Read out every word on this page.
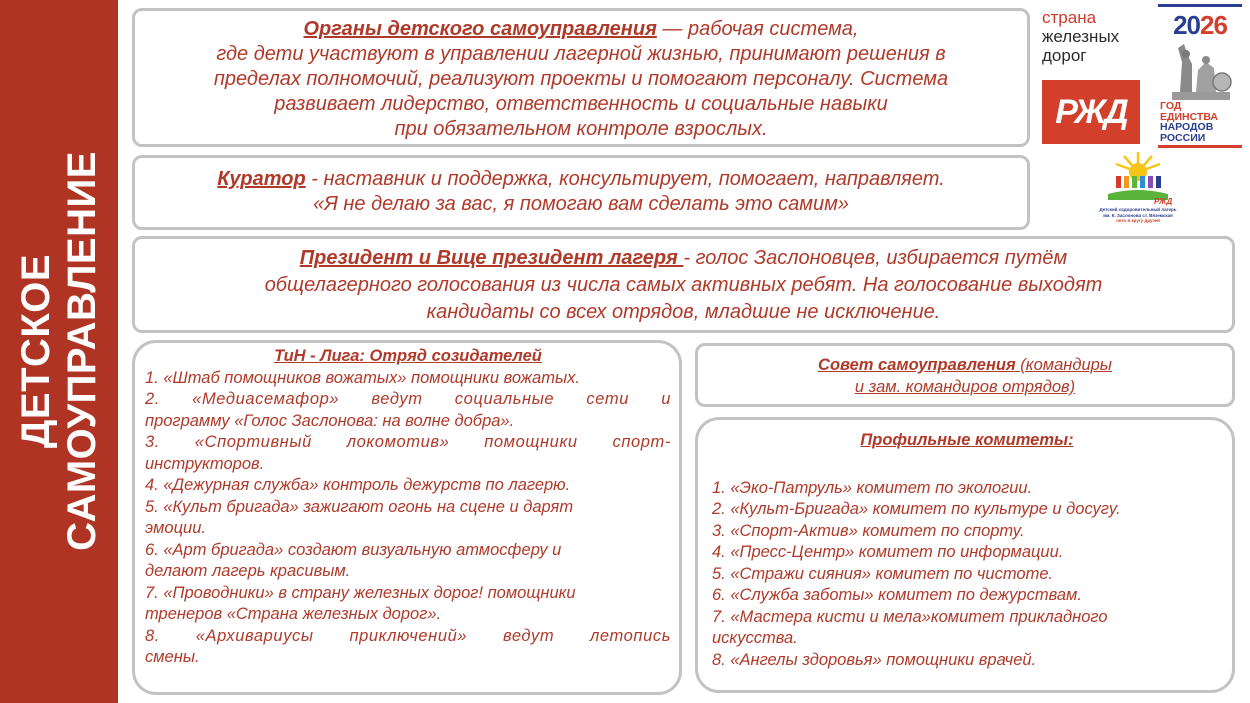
ДЕТСКОЕ САМОУПРАВЛЕНИЕ
Органы детского самоуправления — рабочая система,
где дети участвуют в управлении лагерной жизнью, принимают решения в
пределах полномочий, реализуют проекты и помогают персоналу. Система
развивает лидерство, ответственность и социальные навыки
при обязательном контроле взрослых.
Куратор - наставник и поддержка, консультирует, помогает, направляет.
«Я не делаю за вас, я помогаю вам сделать это самим»
Президент и Вице президент лагеря - голос Заслоновцев, избирается путём
общелагерного голосования из числа самых активных ребят. На голосование выходят
кандидаты со всех отрядов, младшие не исключение.
ТиН - Лига: Отряд созидателей
1. «Штаб помощников вожатых» помощники вожатых.
2. «Медиасемафор» ведут социальные сети и
программу «Голос Заслонова: на волне добра».
3. «Спортивный локомотив» помощники спорт-
инструкторов.
4. «Дежурная служба» контроль дежурств по лагерю.
5. «Культ бригада» зажигают огонь на сцене и дарят
эмоции.
6. «Арт бригада» создают визуальную атмосферу и
делают лагерь красивым.
7. «Проводники» в страну железных дорог! помощники
тренеров «Страна железных дорог».
8. «Архивариусы приключений» ведут летопись
смены.
Совет самоуправления (командиры
и зам. командиров отрядов)
Профильные комитеты:
1. «Эко-Патруль» комитет по экологии.
2. «Культ-Бригада» комитет по культуре и досугу.
3. «Спорт-Актив» комитет по спорту.
4. «Пресс-Центр» комитет по информации.
5. «Стражи сияния» комитет по чистоте.
6. «Служба заботы» комитет по дежурствам.
7. «Мастера кисти и мела»комитет прикладного
искусства.
8. «Ангелы здоровья» помощники врачей.
страна
железных
дорог
РЖД
2026
ГОД
ЕДИНСТВА
НАРОДОВ
РОССИИ
РЖД
Детский оздоровительный лагерь
им. К. Заслонова ст. Вяземская
лето в кругу друзей
